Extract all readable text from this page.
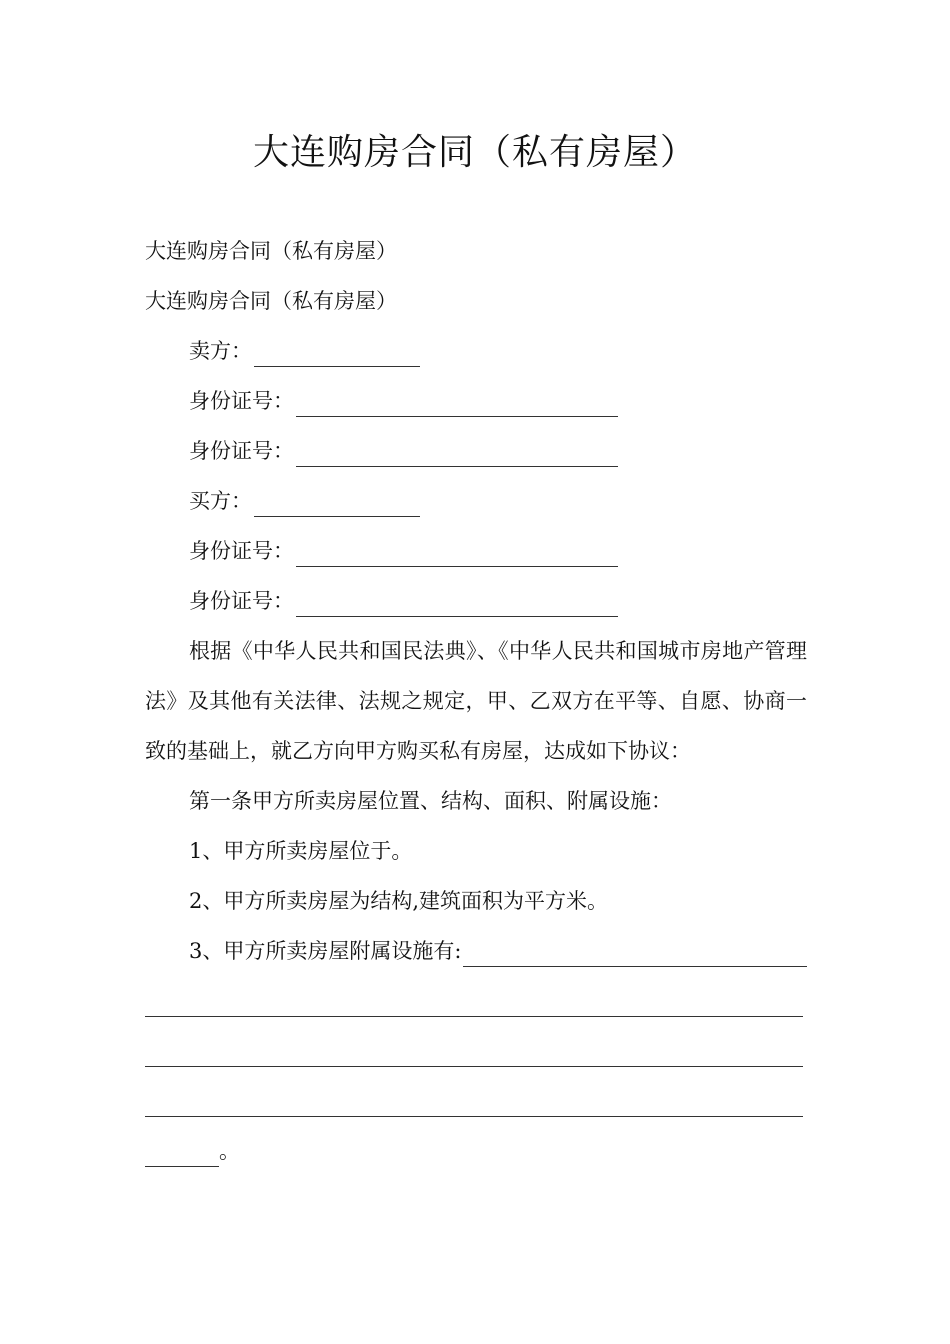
大连购房合同（私有房屋）
大连购房合同（私有房屋）
大连购房合同（私有房屋）
卖方：
身份证号：
身份证号：
买方：
身份证号：
身份证号：
根据《中华人民共和国民法典》、《中华人民共和国城市房地产管理法》及其他有关法律、法规之规定，甲、乙双方在平等、自愿、协商一致的基础上，就乙方向甲方购买私有房屋，达成如下协议：
第一条甲方所卖房屋位置、结构、面积、附属设施：
1、甲方所卖房屋位于。
2、甲方所卖房屋为结构,建筑面积为平方米。
3、甲方所卖房屋附属设施有:
。
